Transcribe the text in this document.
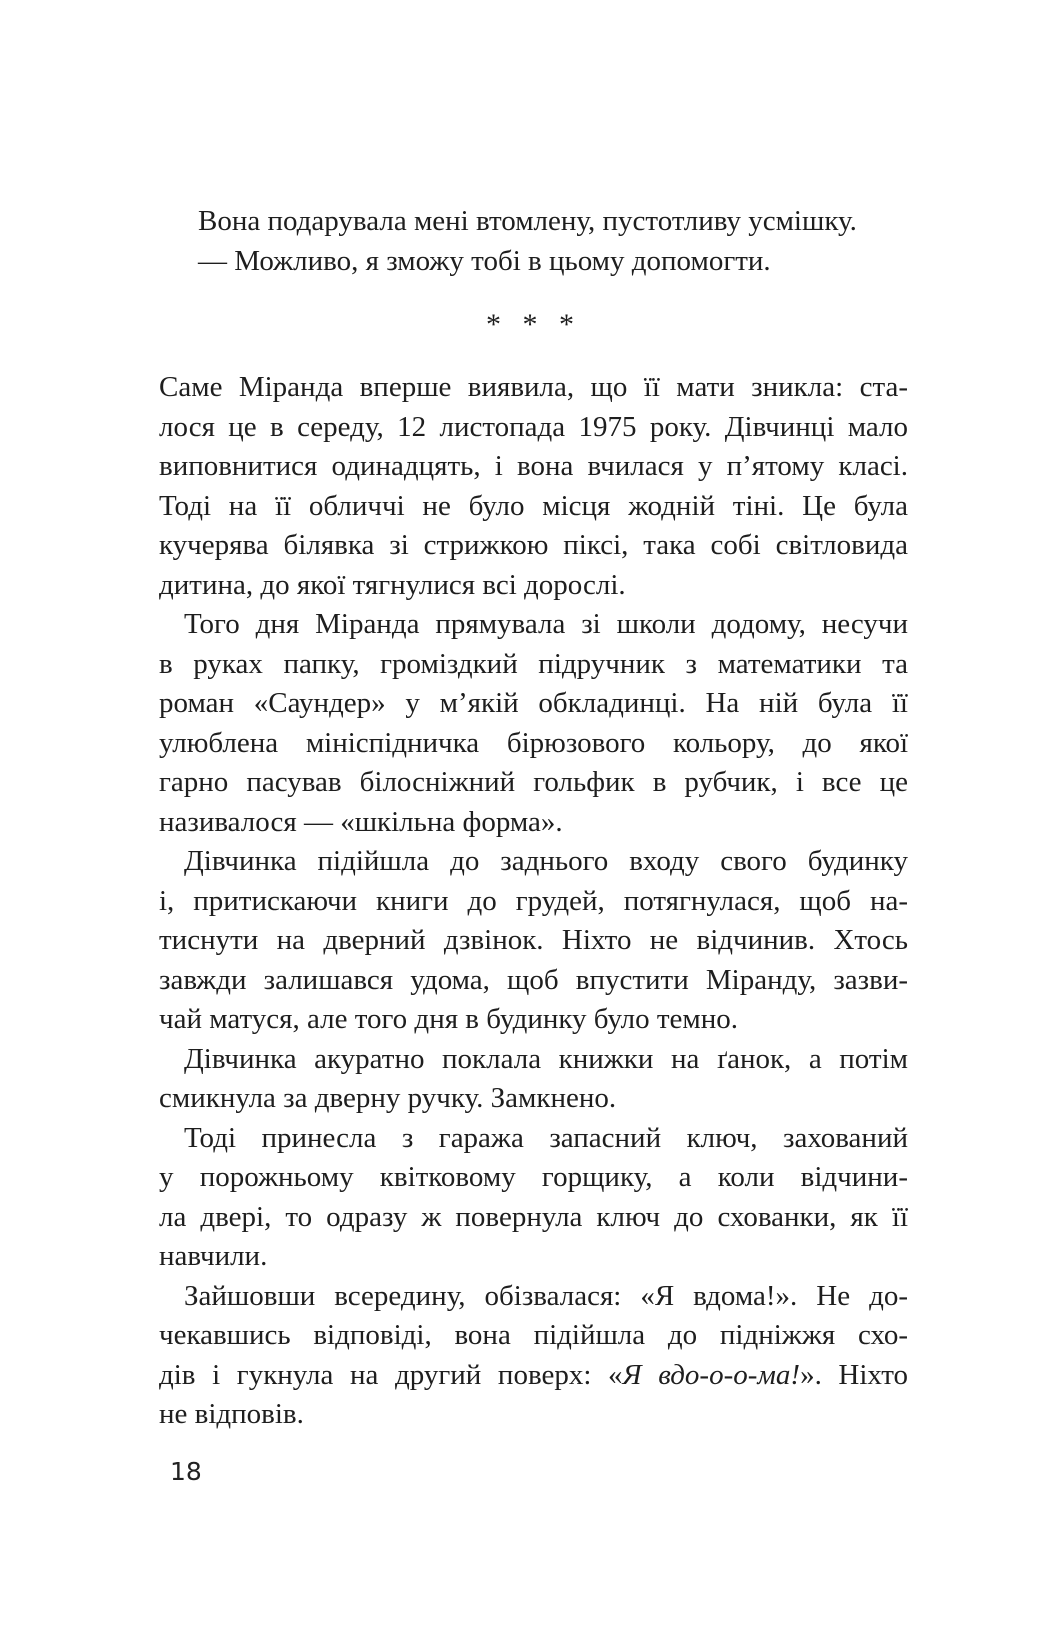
Вона подарувала мені втомлену, пустотливу усмішку.
— Можливо, я зможу тобі в цьому допомогти.
* * *
Саме Міранда вперше виявила, що її мати зникла: ста-
лося це в середу, 12 листопада 1975 року. Дівчинці мало
виповнитися одинадцять, і вона вчилася у п’ятому класі.
Тоді на її обличчі не було місця жодній тіні. Це була
кучерява білявка зі стрижкою піксі, така собі світловида
дитина, до якої тягнулися всі дорослі.
Того дня Міранда прямувала зі школи додому, несучи
в руках папку, громіздкий підручник з математики та
роман «Саундер» у м’якій обкладинці. На ній була її
улюблена мініспідничка бірюзового кольору, до якої
гарно пасував білосніжний гольфик в рубчик, і все це
називалося — «шкільна форма».
Дівчинка підійшла до заднього входу свого будинку
і, притискаючи книги до грудей, потягнулася, щоб на-
тиснути на дверний дзвінок. Ніхто не відчинив. Хтось
завжди залишався удома, щоб впустити Міранду, зазви-
чай матуся, але того дня в будинку було темно.
Дівчинка акуратно поклала книжки на ґанок, а потім
смикнула за дверну ручку. Замкнено.
Тоді принесла з гаража запасний ключ, захований
у порожньому квітковому горщику, а коли відчини-
ла двері, то одразу ж повернула ключ до схованки, як її
навчили.
Зайшовши всередину, обізвалася: «Я вдома!». Не до-
чекавшись відповіді, вона підійшла до підніжжя схо-
дів і гукнула на другий поверх: «Я вдо-о-о-ма!». Ніхто
не відповів.
18
